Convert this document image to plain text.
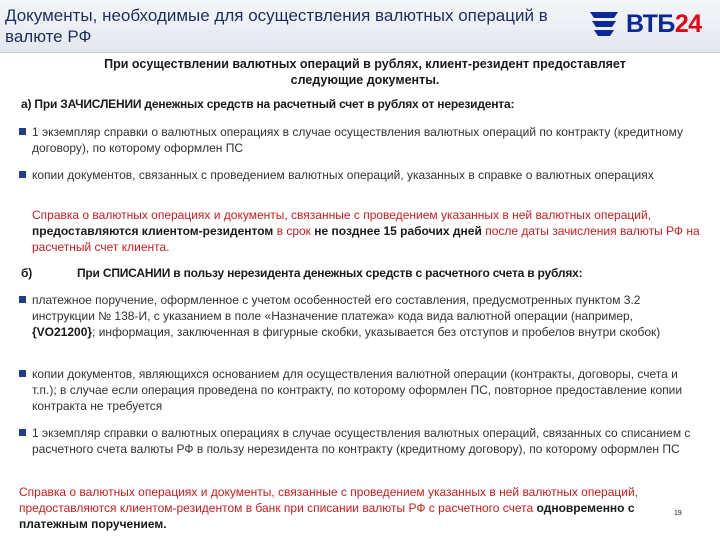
Документы, необходимые для осуществления валютных операций в валюте РФ	ВТБ24
При осуществлении валютных операций в рублях, клиент-резидент предоставляет следующие документы.
а) При ЗАЧИСЛЕНИИ денежных средств на расчетный счет в рублях от нерезидента:
1 экземпляр справки о валютных операциях в случае осуществления валютных операций по контракту (кредитному договору), по которому оформлен ПС
копии документов, связанных с проведением валютных операций, указанных в справке о валютных операциях
Справка о валютных операциях и документы, связанные с проведением указанных в ней валютных операций, предоставляются клиентом-резидентом в срок не позднее 15 рабочих дней после даты зачисления валюты РФ на расчетный счет клиента.
б)	При СПИСАНИИ в пользу нерезидента денежных средств с расчетного счета в рублях:
платежное поручение, оформленное с учетом особенностей его составления, предусмотренных пунктом 3.2 инструкции № 138-И, с указанием в поле «Назначение платежа» кода вида валютной операции (например, {VO21200}; информация, заключенная в фигурные скобки, указывается без отступов и пробелов внутри скобок)
копии документов, являющихся основанием для осуществления валютной операции (контракты, договоры, счета и т.п.); в случае если операция проведена по контракту, по которому оформлен ПС, повторное предоставление копии контракта не требуется
1 экземпляр справки о валютных операциях в случае осуществления валютных операций, связанных со списанием с расчетного счета валюты РФ в пользу нерезидента по контракту (кредитному договору), по которому оформлен ПС
Справка о валютных операциях и документы, связанные с проведением указанных в ней валютных операций, предоставляются клиентом-резидентом в банк при списании валюты РФ с расчетного счета одновременно с платежным поручением.
19
